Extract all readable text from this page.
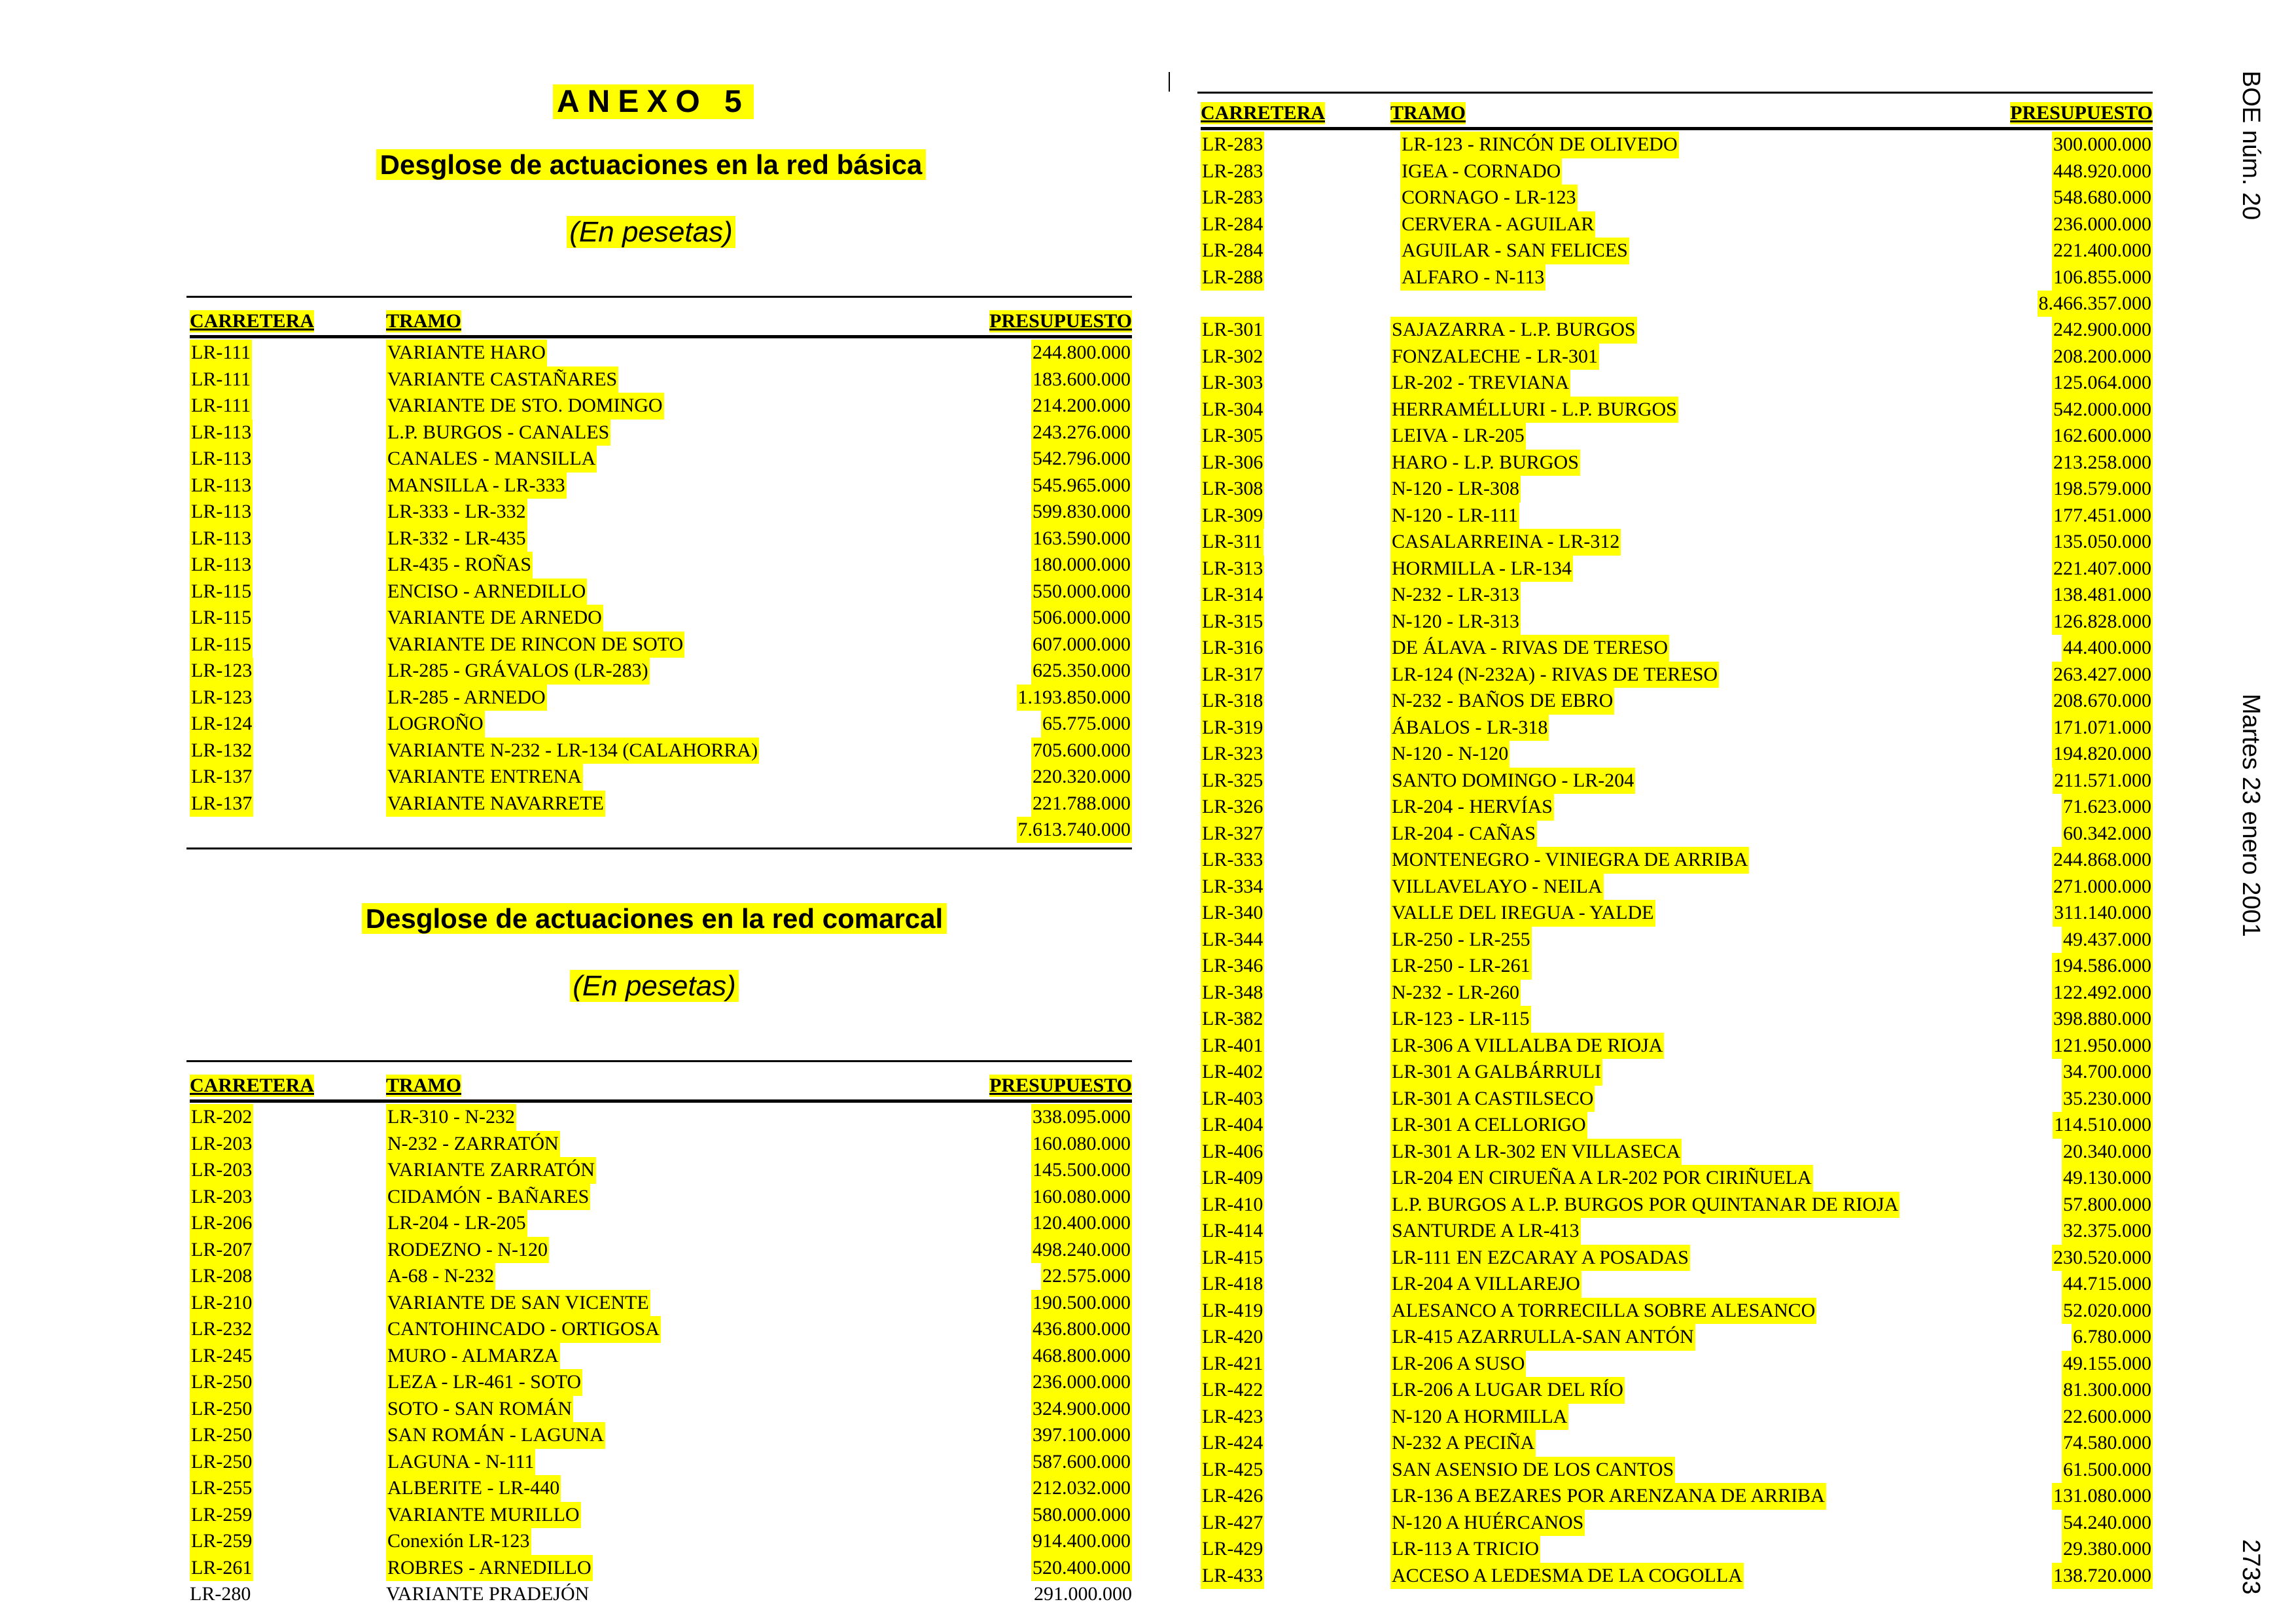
ANEXO 5
Desglose de actuaciones en la red básica
(En pesetas)
CARRETERA	TRAMO	PRESUPUESTO
LR-111	VARIANTE HARO	244.800.000
LR-111	VARIANTE CASTAÑARES	183.600.000
LR-111	VARIANTE DE STO. DOMINGO	214.200.000
LR-113	L.P. BURGOS - CANALES	243.276.000
LR-113	CANALES - MANSILLA	542.796.000
LR-113	MANSILLA - LR-333	545.965.000
LR-113	LR-333 - LR-332	599.830.000
LR-113	LR-332 - LR-435	163.590.000
LR-113	LR-435 - ROÑAS	180.000.000
LR-115	ENCISO - ARNEDILLO	550.000.000
LR-115	VARIANTE DE ARNEDO	506.000.000
LR-115	VARIANTE DE RINCON DE SOTO	607.000.000
LR-123	LR-285 - GRÁVALOS (LR-283)	625.350.000
LR-123	LR-285 - ARNEDO	1.193.850.000
LR-124	LOGROÑO	65.775.000
LR-132	VARIANTE N-232 - LR-134 (CALAHORRA)	705.600.000
LR-137	VARIANTE ENTRENA	220.320.000
LR-137	VARIANTE NAVARRETE	221.788.000
7.613.740.000
Desglose de actuaciones en la red comarcal
(En pesetas)
CARRETERA	TRAMO	PRESUPUESTO
LR-202	LR-310 - N-232	338.095.000
LR-203	N-232 - ZARRATÓN	160.080.000
LR-203	VARIANTE ZARRATÓN	145.500.000
LR-203	CIDAMÓN - BAÑARES	160.080.000
LR-206	LR-204 - LR-205	120.400.000
LR-207	RODEZNO - N-120	498.240.000
LR-208	A-68 - N-232	22.575.000
LR-210	VARIANTE DE SAN VICENTE	190.500.000
LR-232	CANTOHINCADO - ORTIGOSA	436.800.000
LR-245	MURO - ALMARZA	468.800.000
LR-250	LEZA - LR-461 - SOTO	236.000.000
LR-250	SOTO - SAN ROMÁN	324.900.000
LR-250	SAN ROMÁN - LAGUNA	397.100.000
LR-250	LAGUNA - N-111	587.600.000
LR-255	ALBERITE - LR-440	212.032.000
LR-259	VARIANTE MURILLO	580.000.000
LR-259	Conexión LR-123	914.400.000
LR-261	ROBRES - ARNEDILLO	520.400.000
LR-280	VARIANTE PRADEJÓN	291.000.000
CARRETERA	TRAMO	PRESUPUESTO
LR-283	LR-123 - RINCÓN DE OLIVEDO	300.000.000
LR-283	IGEA - CORNADO	448.920.000
LR-283	CORNAGO - LR-123	548.680.000
LR-284	CERVERA - AGUILAR	236.000.000
LR-284	AGUILAR - SAN FELICES	221.400.000
LR-288	ALFARO - N-113	106.855.000
8.466.357.000
LR-301	SAJAZARRA - L.P. BURGOS	242.900.000
LR-302	FONZALECHE - LR-301	208.200.000
LR-303	LR-202 - TREVIANA	125.064.000
LR-304	HERRAMÉLLURI - L.P. BURGOS	542.000.000
LR-305	LEIVA - LR-205	162.600.000
LR-306	HARO - L.P. BURGOS	213.258.000
LR-308	N-120 - LR-308	198.579.000
LR-309	N-120 - LR-111	177.451.000
LR-311	CASALARREINA - LR-312	135.050.000
LR-313	HORMILLA - LR-134	221.407.000
LR-314	N-232 - LR-313	138.481.000
LR-315	N-120 - LR-313	126.828.000
LR-316	DE ÁLAVA - RIVAS DE TERESO	44.400.000
LR-317	LR-124 (N-232A) - RIVAS DE TERESO	263.427.000
LR-318	N-232 - BAÑOS DE EBRO	208.670.000
LR-319	ÁBALOS - LR-318	171.071.000
LR-323	N-120 - N-120	194.820.000
LR-325	SANTO DOMINGO - LR-204	211.571.000
LR-326	LR-204 - HERVÍAS	71.623.000
LR-327	LR-204 - CAÑAS	60.342.000
LR-333	MONTENEGRO - VINIEGRA DE ARRIBA	244.868.000
LR-334	VILLAVELAYO - NEILA	271.000.000
LR-340	VALLE DEL IREGUA - YALDE	311.140.000
LR-344	LR-250 - LR-255	49.437.000
LR-346	LR-250 - LR-261	194.586.000
LR-348	N-232 - LR-260	122.492.000
LR-382	LR-123 - LR-115	398.880.000
LR-401	LR-306 A VILLALBA DE RIOJA	121.950.000
LR-402	LR-301 A GALBÁRRULI	34.700.000
LR-403	LR-301 A CASTILSECO	35.230.000
LR-404	LR-301 A CELLORIGO	114.510.000
LR-406	LR-301 A LR-302 EN VILLASECA	20.340.000
LR-409	LR-204 EN CIRUEÑA A LR-202 POR CIRIÑUELA	49.130.000
LR-410	L.P. BURGOS A L.P. BURGOS POR QUINTANAR DE RIOJA	57.800.000
LR-414	SANTURDE A LR-413	32.375.000
LR-415	LR-111 EN EZCARAY A POSADAS	230.520.000
LR-418	LR-204 A VILLAREJO	44.715.000
LR-419	ALESANCO A TORRECILLA SOBRE ALESANCO	52.020.000
LR-420	LR-415 AZARRULLA-SAN ANTÓN	6.780.000
LR-421	LR-206 A SUSO	49.155.000
LR-422	LR-206 A LUGAR DEL RÍO	81.300.000
LR-423	N-120 A HORMILLA	22.600.000
LR-424	N-232 A PECIÑA	74.580.000
LR-425	SAN ASENSIO DE LOS CANTOS	61.500.000
LR-426	LR-136 A BEZARES POR ARENZANA DE ARRIBA	131.080.000
LR-427	N-120 A HUÉRCANOS	54.240.000
LR-429	LR-113 A TRICIO	29.380.000
LR-433	ACCESO A LEDESMA DE LA COGOLLA	138.720.000
BOE núm. 20
Martes 23 enero 2001
2733
